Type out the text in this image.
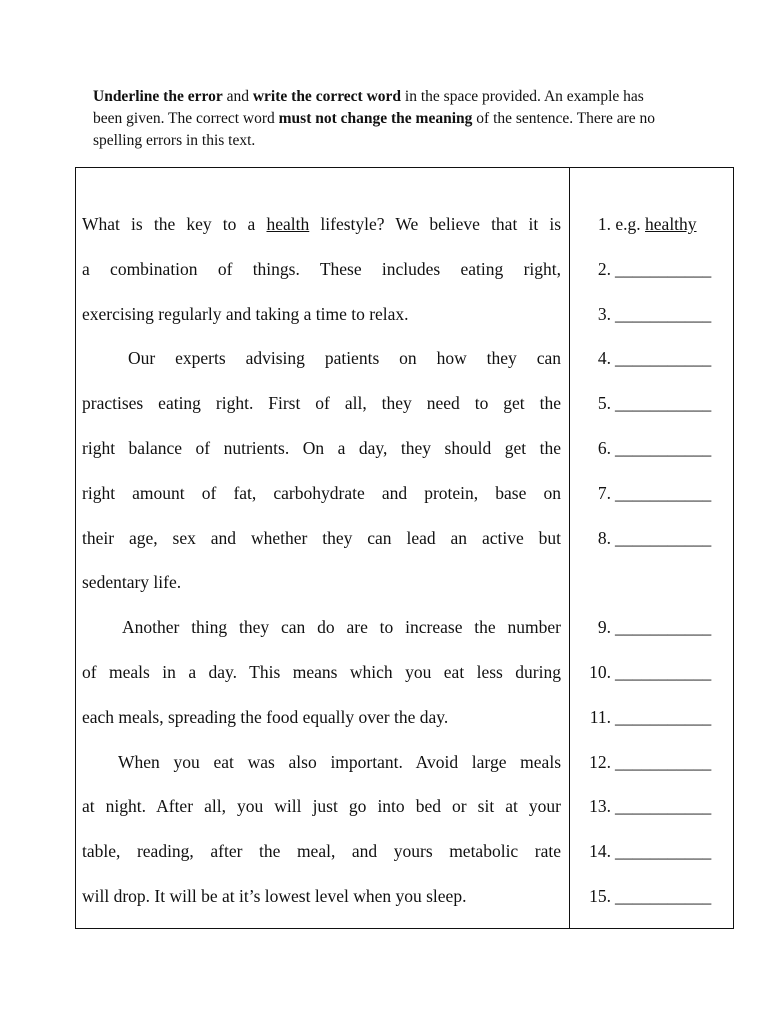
Underline the error and write the correct word in the space provided. An example has been given. The correct word must not change the meaning of the sentence. There are no spelling errors in this text.
What is the key to a health lifestyle? We believe that it is
a combination of things. These includes eating right,
exercising regularly and taking a time to relax.
Our experts advising patients on how they can
practises eating right. First of all, they need to get the
right balance of nutrients. On a day, they should get the
right amount of fat, carbohydrate and protein, base on
their age, sex and whether they can lead an active but
sedentary life.
Another thing they can do are to increase the number
of meals in a day. This means which you eat less during
each meals, spreading the food equally over the day.
When you eat was also important. Avoid large meals
at night. After all, you will just go into bed or sit at your
table, reading, after the meal, and yours metabolic rate
will drop. It will be at it’s lowest level when you sleep.
1. e.g. healthy
2. ___________
3. ___________
4. ___________
5. ___________
6. ___________
7. ___________
8. ___________
9. ___________
10. ___________
11. ___________
12. ___________
13. ___________
14. ___________
15. ___________
